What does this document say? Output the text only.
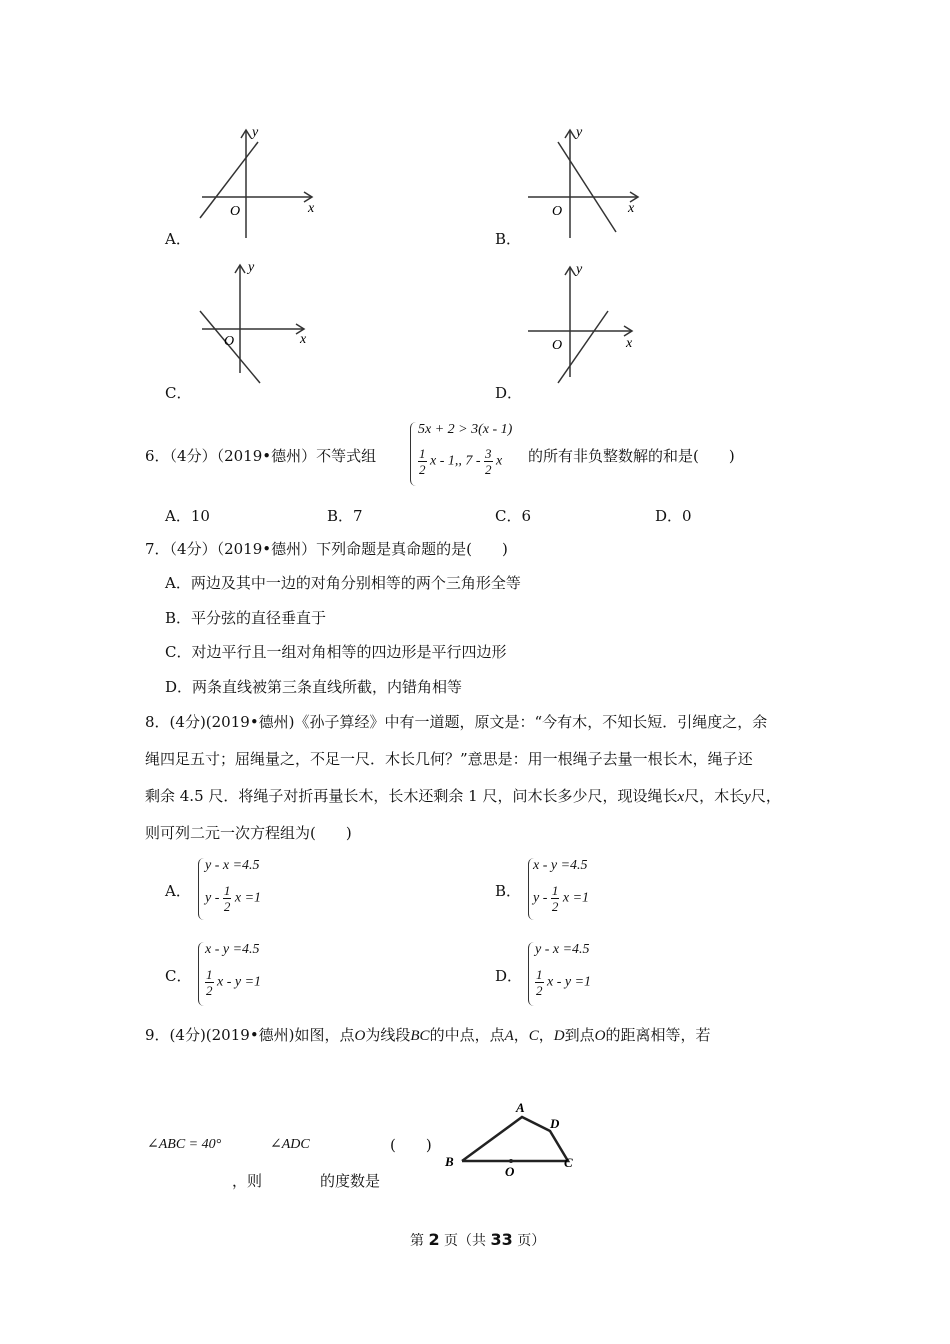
x
y
O
A．
x
y
O
B．
x
y
O
C．
x
y
O
D．
6．（4分）（2019•德州）不等式组
5x + 2 > 3(x - 1)
$\frac{1}{2}$ x - 1,, $7 - \frac{3}{2}$ x 的所有非负整数解的和是(　　)
A．10	B．7	C．6	D．0
7．（4分）（2019•德州）下列命题是真命题的是(　　)
A．两边及其中一边的对角分别相等的两个三角形全等
B．平分弦的直径垂直于
C．对边平行且一组对角相等的四边形是平行四边形
D．两条直线被第三条直线所截，内错角相等
8．(4分)(2019•德州)《孙子算经》中有一道题，原文是：“今有木，不知长短．引绳度之，余
绳四足五寸；屈绳量之，不足一尺．木长几何？”意思是：用一根绳子去量一根长木，绳子还
剩余 4.5 尺．将绳子对折再量长木，长木还剩余 1 尺，问木长多少尺，现设绳长x尺，木长y尺，
则可列二元一次方程组为(　　)
A．
y - x =4.5
y - $\frac{1}{2}$ x =1	B．
x - y =4.5
y - $\frac{1}{2}$ x =1
C．
x - y =4.5
$\frac{1}{2}$ x - y =1	D．
y - x =4.5
$\frac{1}{2}$ x - y =1
9．(4分)(2019•德州)如图，点O为线段BC的中点，点A，C，D到点O的距离相等，若
∠ABC = 40°	∠ADC	(　　)
，则	的度数是
A
B	C
D
O
第 2 页（共 33 页）
